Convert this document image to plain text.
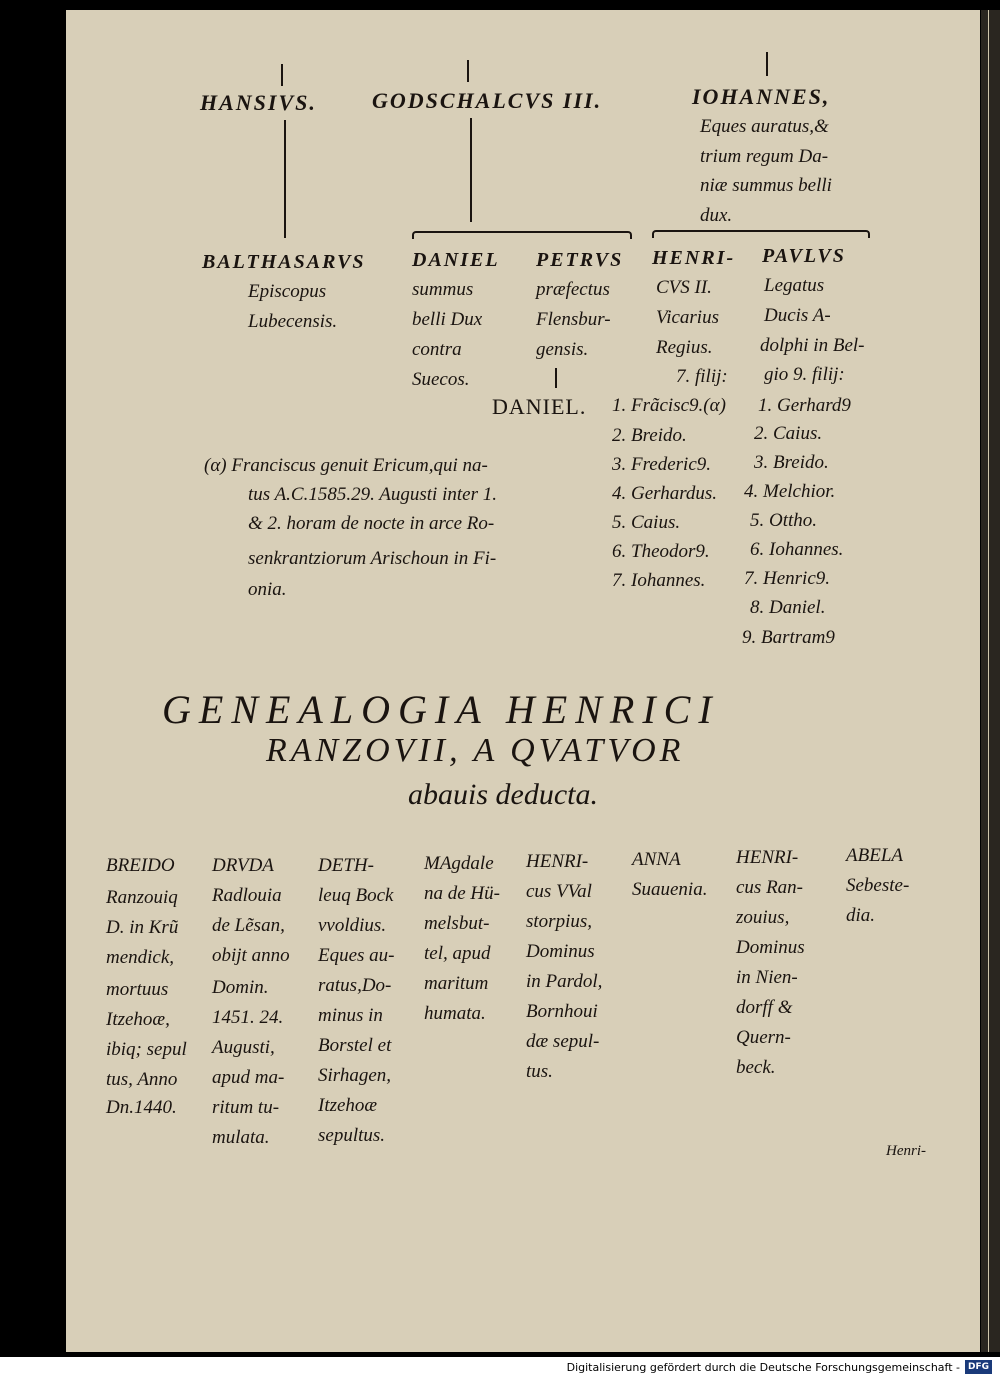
HANSIVS.	GODSCHALCVS III.	IOHANNES,
Eques auratus,&
trium regum Da-
niæ summus belli
dux.
BALTHASARVS
Episcopus
Lubecensis.
DANIEL
summus
belli Dux
contra
Suecos.
PETRVS
præfectus
Flensbur-
gensis.
HENRI-
CVS II.
Vicarius
Regius.
7. filij:
PAVLVS
Legatus
Ducis A-
dolphi in Bel-
gio 9. filij:
DANIEL. 1. Frãcisc9.(α)
2. Breido.
3. Frederic9.
4. Gerhardus.
5. Caius.
6. Theodor9.
7. Iohannes.
1. Gerhard9
2. Caius.
3. Breido.
4. Melchior.
5. Ottho.
6. Iohannes.
7. Henric9.
8. Daniel.
9. Bartram9
(α) Franciscus genuit Ericum,qui na-
tus A.C.1585.29. Augusti inter 1.
& 2. horam de nocte in arce Ro-
senkrantziorum Arischoun in Fi-
onia.
GENEALOGIA HENRICI
RANZOVII, A QVATVOR
abauis deducta.
BREIDO
Ranzouiq
D. in Krũ
mendick,
mortuus
Itzehoæ,
ibiq; sepul
tus, Anno
Dn.1440.
DRVDA
Radlouia
de Lẽsan,
obijt anno
Domin.
1451. 24.
Augusti,
apud ma-
ritum tu-
mulata.
DETH-
leuq Bock
vvoldius.
Eques au-
ratus,Do-
minus in
Borstel et
Sirhagen,
Itzehoæ
sepultus.
MAgdale
na de Hü-
melsbut-
tel, apud
maritum
humata.
HENRI-
cus VVal
storpius,
Dominus
in Pardol,
Bornhoui
dæ sepul-
tus.
ANNA
Suauenia.
HENRI-
cus Ran-
zouius,
Dominus
in Nien-
dorff &
Quern-
beck.
ABELA
Sebeste-
dia.
Henri-
Digitalisierung gefördert durch die Deutsche Forschungsgemeinschaft - DFG
